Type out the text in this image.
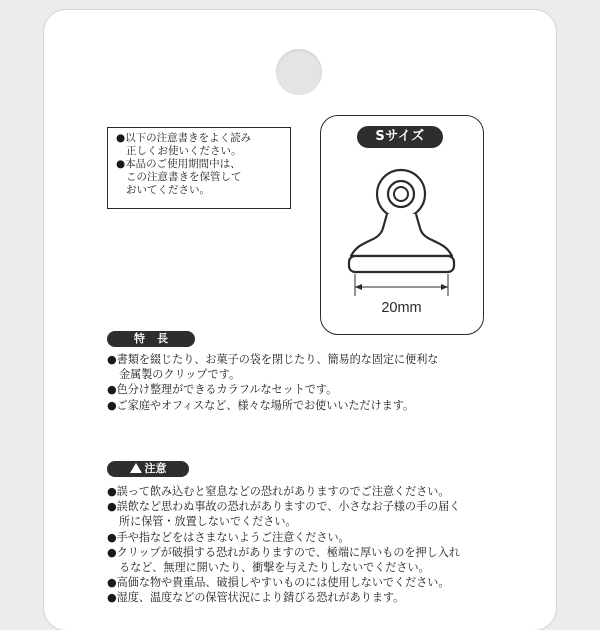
●以下の注意書きをよく読み
正しくお使いください。
●本品のご使用期間中は、
この注意書きを保管して
おいてください。
Sサイズ
20mm
特長
●書類を綴じたり、お菓子の袋を閉じたり、簡易的な固定に便利な
金属製のクリップです。
●色分け整理ができるカラフルなセットです。
●ご家庭やオフィスなど、様々な場所でお使いいただけます。
! 注意
●誤って飲み込むと窒息などの恐れがありますのでご注意ください。
●誤飲など思わぬ事故の恐れがありますので、小さなお子様の手の届く
所に保管・放置しないでください。
●手や指などをはさまないようご注意ください。
●クリップが破損する恐れがありますので、極端に厚いものを押し入れ
るなど、無理に開いたり、衝撃を与えたりしないでください。
●高価な物や貴重品、破損しやすいものには使用しないでください。
●湿度、温度などの保管状況により錆びる恐れがあります。
